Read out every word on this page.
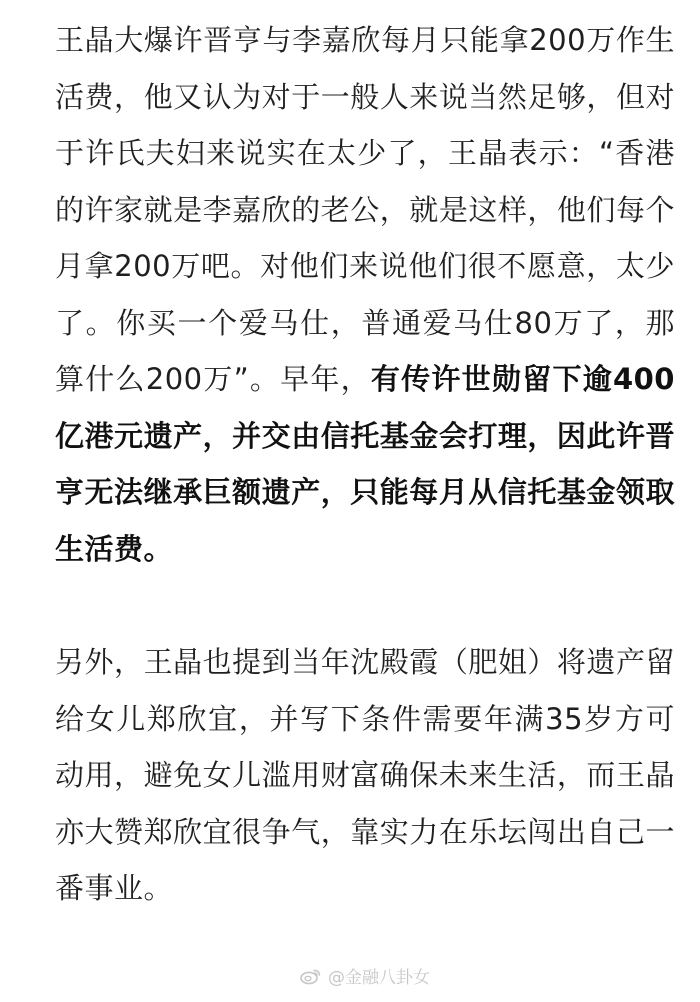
王晶大爆许晋亨与李嘉欣每月只能拿200万作生活费，他又认为对于一般人来说当然足够，但对于许氏夫妇来说实在太少了，王晶表示：“香港的许家就是李嘉欣的老公，就是这样，他们每个月拿200万吧。对他们来说他们很不愿意，太少了。你买一个爱马仕，普通爱马仕80万了，那算什么200万”。早年，有传许世勋留下逾400亿港元遗产，并交由信托基金会打理，因此许晋亨无法继承巨额遗产，只能每月从信托基金领取生活费。

另外，王晶也提到当年沈殿霞（肥姐）将遗产留给女儿郑欣宜，并写下条件需要年满35岁方可动用，避免女儿滥用财富确保未来生活，而王晶亦大赞郑欣宜很争气，靠实力在乐坛闯出自己一番事业。

@金融八卦女
